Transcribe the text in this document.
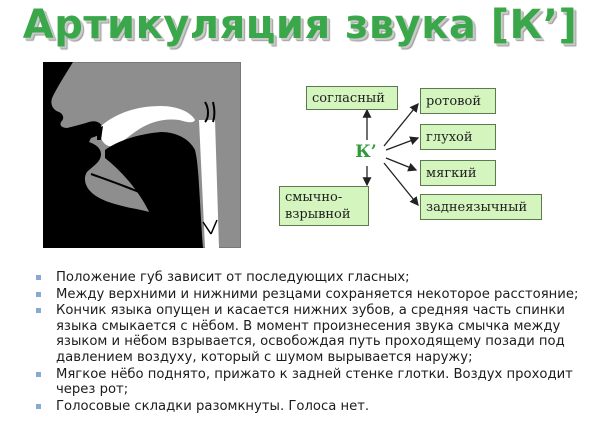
Артикуляция звука [К’]
согласный
смычно-
взрывной
К’
ротовой
глухой
мягкий
заднеязычный
Положение губ зависит от последующих гласных;
Между верхними и нижними резцами сохраняется некоторое расстояние;
Кончик языка опущен и касается нижних зубов, а средняя часть спинки языка смыкается с нёбом. В момент произнесения звука смычка между языком и нёбом взрывается, освобождая путь проходящему позади под давлением воздуху, который с шумом вырывается наружу;
Мягкое нёбо поднято, прижато к задней стенке глотки. Воздух проходит через рот;
Голосовые складки разомкнуты. Голоса нет.
